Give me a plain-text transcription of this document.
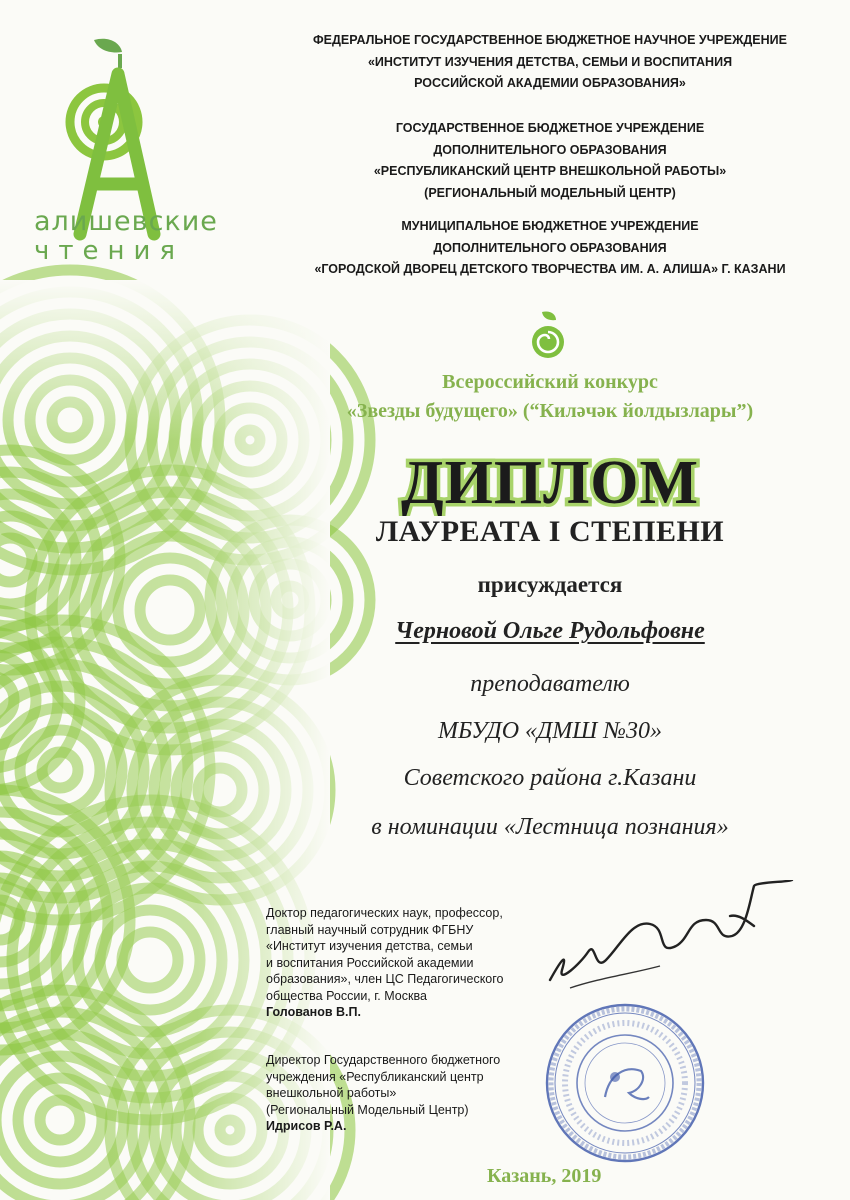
алишевские
чтения
ФЕДЕРАЛЬНОЕ ГОСУДАРСТВЕННОЕ БЮДЖЕТНОЕ НАУЧНОЕ УЧРЕЖДЕНИЕ
«ИНСТИТУТ ИЗУЧЕНИЯ ДЕТСТВА, СЕМЬИ И ВОСПИТАНИЯ
РОССИЙСКОЙ АКАДЕМИИ ОБРАЗОВАНИЯ»
ГОСУДАРСТВЕННОЕ БЮДЖЕТНОЕ УЧРЕЖДЕНИЕ
ДОПОЛНИТЕЛЬНОГО ОБРАЗОВАНИЯ
«РЕСПУБЛИКАНСКИЙ ЦЕНТР ВНЕШКОЛЬНОЙ РАБОТЫ»
(РЕГИОНАЛЬНЫЙ МОДЕЛЬНЫЙ ЦЕНТР)
МУНИЦИПАЛЬНОЕ БЮДЖЕТНОЕ УЧРЕЖДЕНИЕ
ДОПОЛНИТЕЛЬНОГО ОБРАЗОВАНИЯ
«ГОРОДСКОЙ ДВОРЕЦ ДЕТСКОГО ТВОРЧЕСТВА ИМ. А. АЛИША» Г. КАЗАНИ
Всероссийский конкурс
«Звезды будущего» (“Киләчәк йолдызлары”)
ДИПЛОМ
ЛАУРЕАТА I СТЕПЕНИ
присуждается
Черновой Ольге Рудольфовне
преподавателю
МБУДО «ДМШ №30»
Советского района г.Казани
в номинации «Лестница познания»
Доктор педагогических наук, профессор,
главный научный сотрудник ФГБНУ
«Институт изучения детства, семьи
и воспитания Российской академии
образования», член ЦС Педагогического
общества России, г. Москва
Голованов В.П.
Директор Государственного бюджетного
учреждения «Республиканский центр
внешкольной работы»
(Региональный Модельный Центр)
Идрисов Р.А.
Казань, 2019
